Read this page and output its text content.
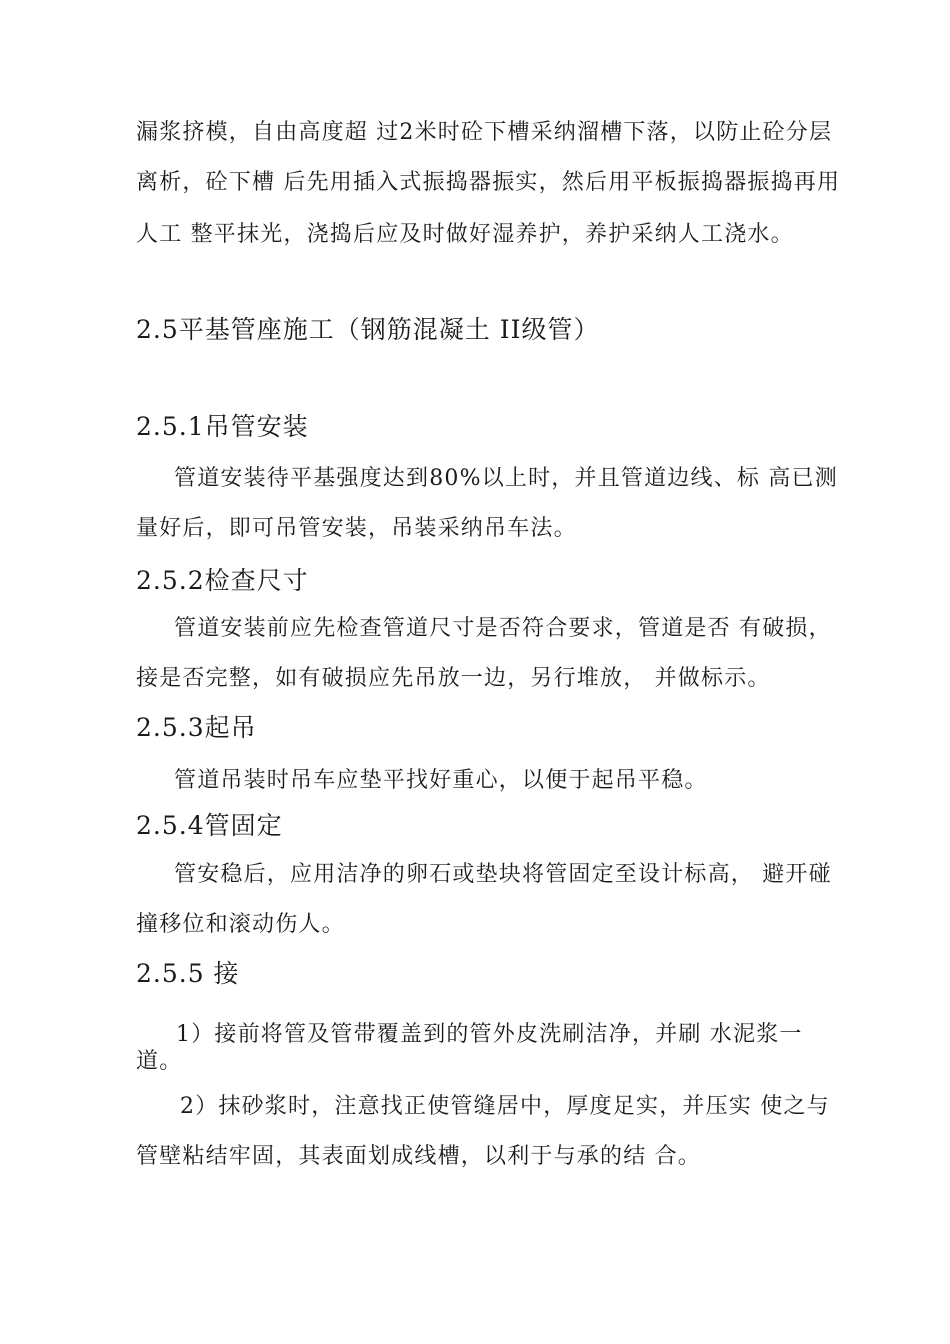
漏浆挤模，自由高度超 过2米时砼下槽采纳溜槽下落，以防止砼分层
离析，砼下槽 后先用插入式振捣器振实，然后用平板振捣器振捣再用
人工 整平抹光，浇捣后应及时做好湿养护，养护采纳人工浇水。
2.5平基管座施工（钢筋混凝土 II级管）
2.5.1吊管安装
管道安装待平基强度达到80%以上时，并且管道边线、标 高已测
量好后，即可吊管安装，吊装采纳吊车法。
2.5.2检查尺寸
管道安装前应先检查管道尺寸是否符合要求，管道是否 有破损，
接是否完整，如有破损应先吊放一边，另行堆放， 并做标示。
2.5.3起吊
管道吊装时吊车应垫平找好重心，以便于起吊平稳。
2.5.4管固定
管安稳后，应用洁净的卵石或垫块将管固定至设计标高， 避开碰
撞移位和滚动伤人。
2.5.5 接
1）接前将管及管带覆盖到的管外皮洗刷洁净，并刷 水泥浆一
道。
2）抹砂浆时，注意找正使管缝居中，厚度足实，并压实 使之与
管壁粘结牢固，其表面划成线槽，以利于与承的结 合。
